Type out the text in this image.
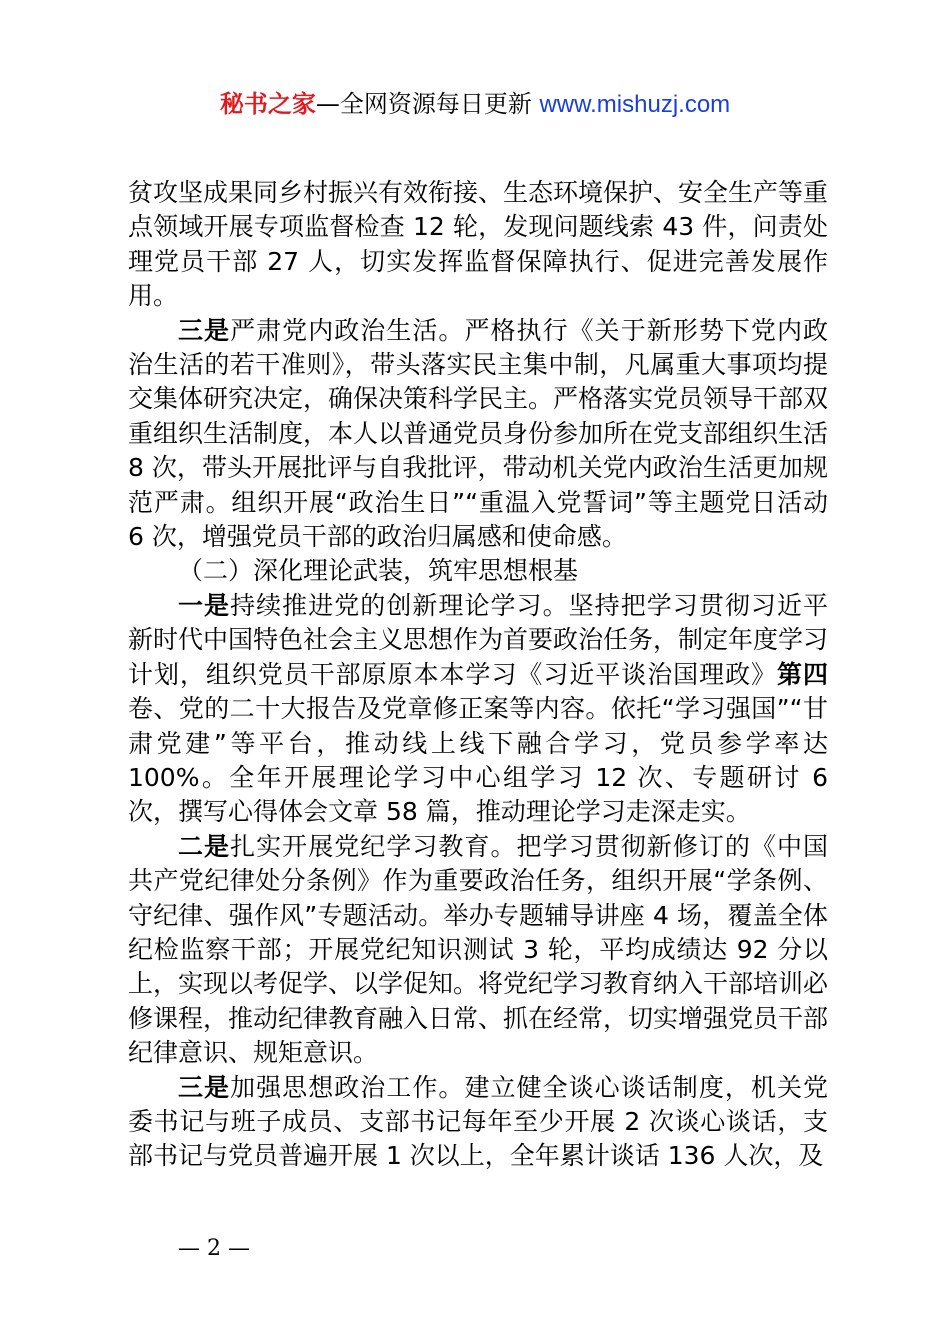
秘书之家—全网资源每日更新 www.mishuzj.com

贫攻坚成果同乡村振兴有效衔接、生态环境保护、安全生产等重点领域开展专项监督检查 12 轮，发现问题线索 43 件，问责处理党员干部 27 人，切实发挥监督保障执行、促进完善发展作用。

三是严肃党内政治生活。严格执行《关于新形势下党内政治生活的若干准则》，带头落实民主集中制，凡属重大事项均提交集体研究决定，确保决策科学民主。严格落实党员领导干部双重组织生活制度，本人以普通党员身份参加所在党支部组织生活 8 次，带头开展批评与自我批评，带动机关党内政治生活更加规范严肃。组织开展“政治生日”“重温入党誓词”等主题党日活动 6 次，增强党员干部的政治归属感和使命感。

（二）深化理论武装，筑牢思想根基

一是持续推进党的创新理论学习。坚持把学习贯彻习近平新时代中国特色社会主义思想作为首要政治任务，制定年度学习计划，组织党员干部原原本本学习《习近平谈治国理政》第四卷、党的二十大报告及党章修正案等内容。依托“学习强国”“甘肃党建”等平台，推动线上线下融合学习，党员参学率达 100%。全年开展理论学习中心组学习 12 次、专题研讨 6 次，撰写心得体会文章 58 篇，推动理论学习走深走实。

二是扎实开展党纪学习教育。把学习贯彻新修订的《中国共产党纪律处分条例》作为重要政治任务，组织开展“学条例、守纪律、强作风”专题活动。举办专题辅导讲座 4 场，覆盖全体纪检监察干部；开展党纪知识测试 3 轮，平均成绩达 92 分以上，实现以考促学、以学促知。将党纪学习教育纳入干部培训必修课程，推动纪律教育融入日常、抓在经常，切实增强党员干部纪律意识、规矩意识。

三是加强思想政治工作。建立健全谈心谈话制度，机关党委书记与班子成员、支部书记每年至少开展 2 次谈心谈话，支部书记与党员普遍开展 1 次以上，全年累计谈话 136 人次，及

— 2 —
